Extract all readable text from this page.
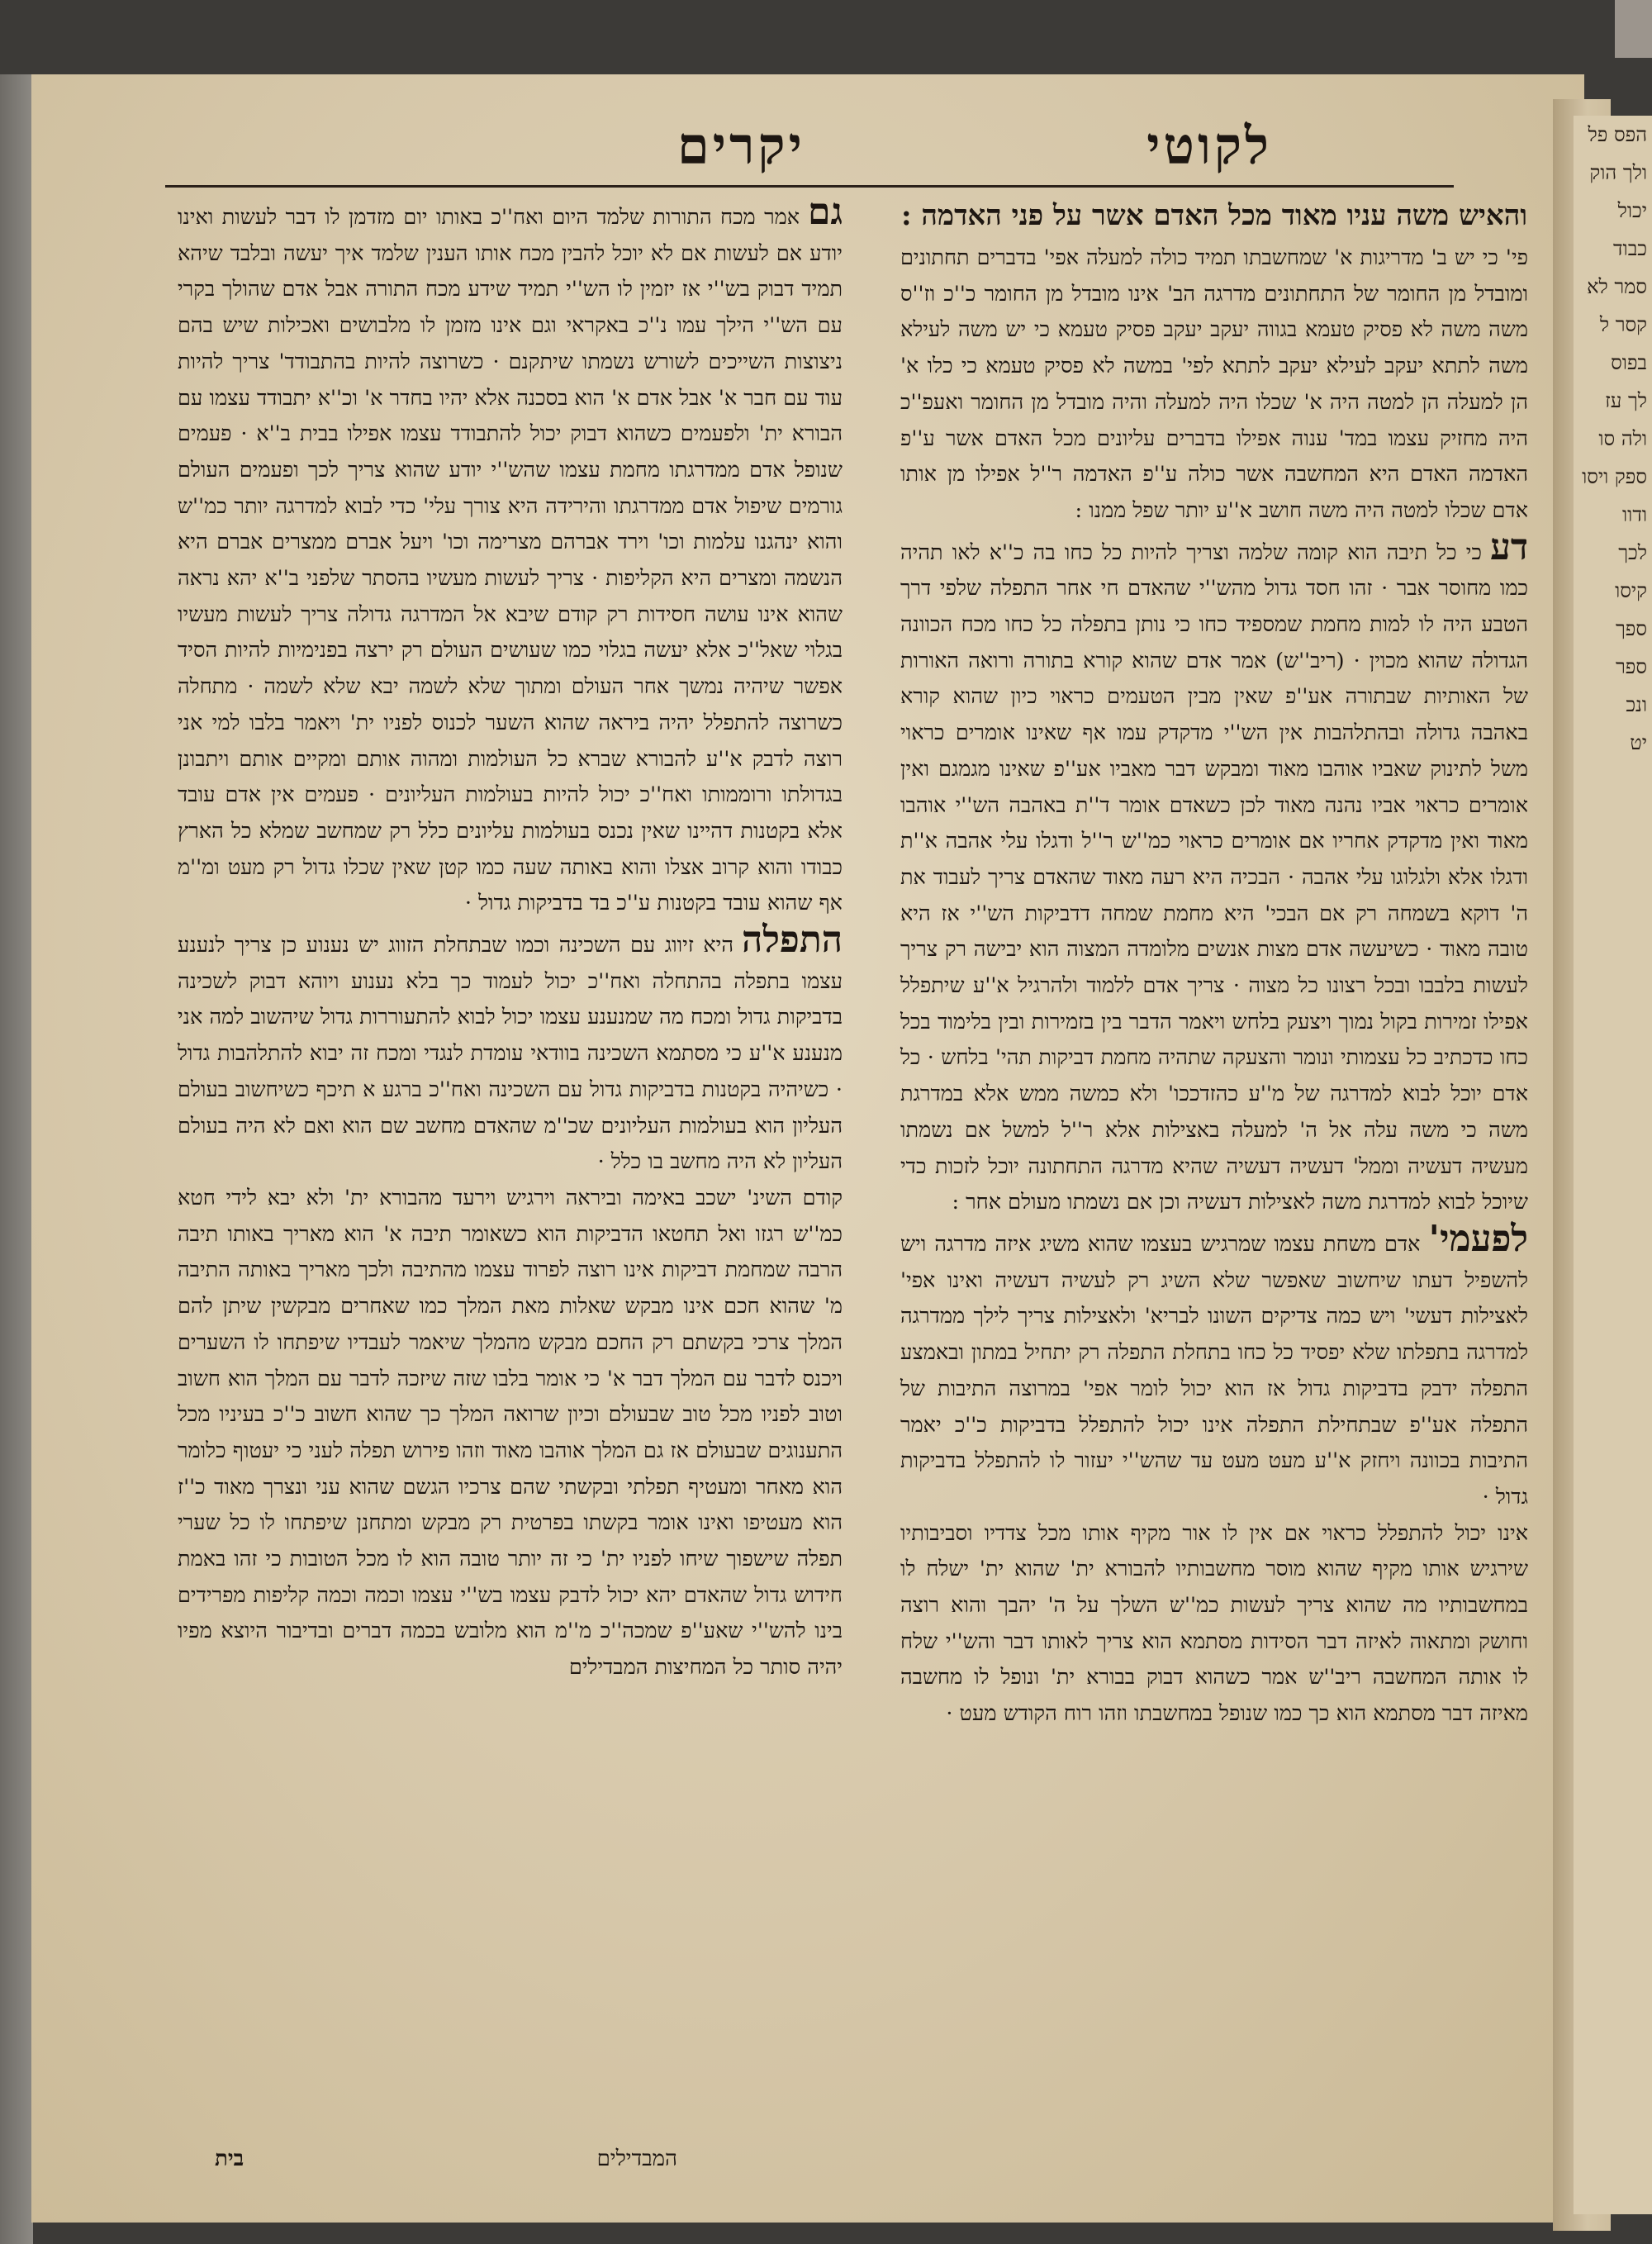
הפס פל
ולך הוק
יכול
כבוד
סמר לא
קסר ל
בפוס
לך עז
ולה סו
ספק ויסו
ודוו
לכך
קיסו
ספך
ספר
ונכ
יט
לקוטי
יקרים
והאיש משה עניו מאוד מכל האדם אשר על פני האדמה :

פי' כי יש ב' מדריגות א' שמחשבתו תמיד כולה למעלה אפי' בדברים תחתונים ומובדל מן החומר של התחתונים מדרגה הב' אינו מובדל מן החומר כ''כ וז''ס משה משה לא פסיק טעמא בגווה יעקב יעקב פסיק טעמא כי יש משה לעילא משה לתתא יעקב לעילא יעקב לתתא לפי' במשה לא פסיק טעמא כי כלו א' הן למעלה הן למטה היה א' שכלו היה למעלה והיה מובדל מן החומר ואעפ''כ היה מחזיק עצמו במד' ענוה אפילו בדברים עליונים מכל האדם אשר ע''פ האדמה האדם היא המחשבה אשר כולה ע''פ האדמה ר''ל אפילו מן אותו אדם שכלו למטה היה משה חושב א''ע יותר שפל ממנו :

דעכי כל תיבה הוא קומה שלמה וצריך להיות כל כחו בה כ''א לאו תהיה כמו מחוסר אבר · זהו חסד גדול מהש''י שהאדם חי אחר התפלה שלפי דרך הטבע היה לו למות מחמת שמספיד כחו כי נותן בתפלה כל כחו מכח הכוונה הגדולה שהוא מכוין · (ריב''ש) אמר אדם שהוא קורא בתורה ורואה האורות של האותיות שבתורה אע''פ שאין מבין הטעמים כראוי כיון שהוא קורא באהבה גדולה ובהתלהבות אין הש''י מדקדק עמו אף שאינו אומרים כראוי משל לתינוק שאביו אוהבו מאוד ומבקש דבר מאביו אע''פ שאינו מגמגם ואין אומרים כראוי אביו נהנה מאוד לכן כשאדם אומר ד''ת באהבה הש''י אוהבו מאוד ואין מדקדק אחריו אם אומרים כראוי כמ''ש ר''ל ודגלו עלי אהבה א''ת ודגלו אלא ולגלוגו עלי אהבה · הבכיה היא רעה מאוד שהאדם צריך לעבוד את ה' דוקא בשמחה רק אם הבכי' היא מחמת שמחה דדביקות הש''י אז היא טובה מאוד · כשיעשה אדם מצות אנשים מלומדה המצוה הוא יבישה רק צריך לעשות בלבבו ובכל רצונו כל מצוה · צריך אדם ללמוד ולהרגיל א''ע שיתפלל אפילו זמירות בקול נמוך ויצעק בלחש ויאמר הדבר בין בזמירות ובין בלימוד בכל כחו כדכתיב כל עצמותי ונומר והצעקה שתהיה מחמת דביקות תהי' בלחש · כל אדם יוכל לבוא למדרגה של מ''ע כהזדככו' ולא כמשה ממש אלא במדרגת משה כי משה עלה אל ה' למעלה באצילות אלא ר''ל למשל אם נשמתו מעשיה דעשיה וממל' דעשיה דעשיה שהיא מדרגה התחתונה יוכל לזכות כדי שיוכל לבוא למדרגת משה לאצילות דעשיה וכן אם נשמתו מעולם אחר :

לפעמי'אדם משחת עצמו שמרגיש בעצמו שהוא משיג איזה מדרגה ויש להשפיל דעתו שיחשוב שאפשר שלא השיג רק לעשיה דעשיה ואינו אפי' לאצילות דעשי' ויש כמה צדיקים השונו לבריא' ולאצילות צריך לילך ממדרגה למדרגה בתפלתו שלא יפסיד כל כחו בתחלת התפלה רק יתחיל במתון ובאמצע התפלה ידבק בדביקות גדול אז הוא יכול לומר אפי' במרוצה התיבות של התפלה אע''פ שבתחילת התפלה אינו יכול להתפלל בדביקות כ''כ יאמר התיבות בכוונה ויחזק א''ע מעט מעט עד שהש''י יעזור לו להתפלל בדביקות גדול ·

אינו יכול להתפלל כראוי אם אין לו אור מקיף אותו מכל צדדיו וסביבותיו שירגיש אותו מקיף שהוא מוסר מחשבותיו להבורא ית' שהוא ית' ישלח לו במחשבותיו מה שהוא צריך לעשות כמ''ש השלך על ה' יהבך והוא רוצה וחושק ומתאוה לאיזה דבר הסידות מסתמא הוא צריך לאותו דבר והש''י שלח לו אותה המחשבה ריב''ש אמר כשהוא דבוק בבורא ית' ונופל לו מחשבה מאיזה דבר מסתמא הוא כך כמו שנופל במחשבתו וזהו רוח הקודש מעט ·

גםאמר מכח התורות שלמד היום ואח''כ באותו יום מזדמן לו דבר לעשות ואינו יודע אם לעשות אם לא יוכל להבין מכח אותו הענין שלמד איך יעשה ובלבד שיהא תמיד דבוק בש''י אז יזמין לו הש''י תמיד שידע מכח התורה אבל אדם שהולך בקרי עם הש''י הילך עמו נ''כ באקראי וגם אינו מזמן לו מלבושים ואכילות שיש בהם ניצוצות השייכים לשורש נשמתו שיתקנם · כשרוצה להיות בהתבודד' צריך להיות עוד עם חבר א' אבל אדם א' הוא בסכנה אלא יהיו בחדר א' וכ''א יתבודד עצמו עם הבורא ית' ולפעמים כשהוא דבוק יכול להתבודד עצמו אפילו בבית ב''א · פעמים שנופל אדם ממדרגתו מחמת עצמו שהש''י יודע שהוא צריך לכך ופעמים העולם גורמים שיפול אדם ממדרגתו והירידה היא צורך עלי' כדי לבוא למדרגה יותר כמ''ש והוא ינהגנו עלמות וכו' וירד אברהם מצרימה וכו' ויעל אברם ממצרים אברם היא הנשמה ומצרים היא הקליפות · צריך לעשות מעשיו בהסתר שלפני ב''א יהא נראה שהוא אינו עושה חסידות רק קודם שיבא אל המדרגה גדולה צריך לעשות מעשיו בגלוי שאל''כ אלא יעשה בגלוי כמו שעושים העולם רק ירצה בפנימיות להיות הסיד אפשר שיהיה נמשך אחר העולם ומתוך שלא לשמה יבא שלא לשמה · מתחלה כשרוצה להתפלל יהיה ביראה שהוא השער לכנוס לפניו ית' ויאמר בלבו למי אני רוצה לדבק א''ע להבורא שברא כל העולמות ומהוה אותם ומקיים אותם ויתבונן בגדולתו ורוממותו ואח''כ יכול להיות בעולמות העליונים · פעמים אין אדם עובד אלא בקטנות דהיינו שאין נכנס בעולמות עליונים כלל רק שמחשב שמלא כל הארץ כבודו והוא קרוב אצלו והוא באותה שעה כמו קטן שאין שכלו גדול רק מעט ומ''מ אף שהוא עובד בקטנות ע''כ בד בדביקות גדול ·

התפלההיא זיווג עם השכינה וכמו שבתחלת הזווג יש נענוע כן צריך לנענע עצמו בתפלה בהתחלה ואח''כ יכול לעמוד כך בלא נענוע ויוהא דבוק לשכינה בדביקות גדול ומכח מה שמנענע עצמו יכול לבוא להתעוררות גדול שיהשוב למה אני מנענע א''ע כי מסתמא השכינה בוודאי עומדת לנגדי ומכח זה יבוא להתלהבות גדול · כשיהיה בקטנות בדביקות גדול עם השכינה ואח''כ ברגע א תיכף כשיחשוב בעולם העליון הוא בעולמות העליונים שכ''מ שהאדם מחשב שם הוא ואם לא היה בעולם העליון לא היה מחשב בו כלל ·

קודם השינ' ישכב באימה וביראה וירגיש וירעד מהבורא ית' ולא יבא לידי חטא כמ''ש רגזו ואל תחטאו הדביקות הוא כשאומר תיבה א' הוא מאריך באותו תיבה הרבה שמחמת דביקות אינו רוצה לפרוד עצמו מהתיבה ולכך מאריך באותה התיבה מ' שהוא חכם אינו מבקש שאלות מאת המלך כמו שאחרים מבקשין שיתן להם המלך צרכי בקשתם רק החכם מבקש מהמלך שיאמר לעבדיו שיפתחו לו השערים ויכנס לדבר עם המלך דבר א' כי אומר בלבו שזה שיזכה לדבר עם המלך הוא חשוב וטוב לפניו מכל טוב שבעולם וכיון שרואה המלך כך שהוא חשוב כ''כ בעיניו מכל התענוגים שבעולם אז גם המלך אוהבו מאוד וזהו פירוש תפלה לעני כי יעטוף כלומר הוא מאחר ומעטיף תפלתי ובקשתי שהם צרכיו הגשם שהוא עני ונצרך מאוד כ''ז הוא מעטיפו ואינו אומר בקשתו בפרטית רק מבקש ומתחנן שיפתחו לו כל שערי תפלה שישפוך שיחו לפניו ית' כי זה יותר טובה הוא לו מכל הטובות כי זהו באמת חידוש גדול שהאדם יהא יכול לדבק עצמו בש''י עצמו וכמה וכמה קליפות מפרידים בינו להש''י שאע''פ שמכה''כ מ''מ הוא מלובש בכמה דברים ובדיבור היוצא מפיו יהיה סותר כל המחיצות המבדילים

המבדילים
בית
